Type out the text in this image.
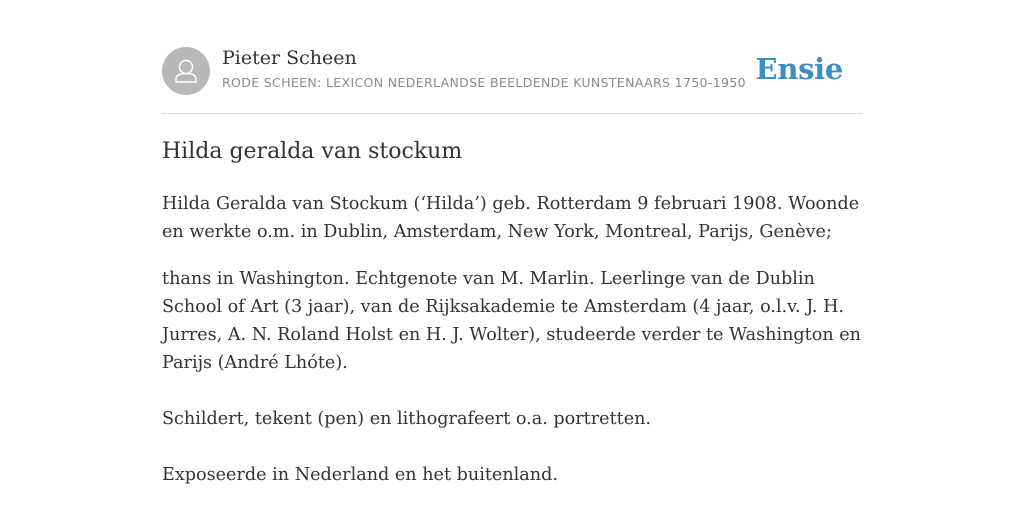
Pieter Scheen
RODE SCHEEN: LEXICON NEDERLANDSE BEELDENDE KUNSTENAARS 1750-1950 Ensie
Hilda geralda van stockum

Hilda Geralda van Stockum (‘Hilda’) geb. Rotterdam 9 februari 1908. Woonde en werkte o.m. in Dublin, Amsterdam, New York, Montreal, Parijs, Genève;

thans in Washington. Echtgenote van M. Marlin. Leerlinge van de Dublin School of Art (3 jaar), van de Rijksakademie te Amsterdam (4 jaar, o.l.v. J. H. Jurres, A. N. Roland Holst en H. J. Wolter), studeerde verder te Washington en Parijs (André Lhóte).

Schildert, tekent (pen) en lithografeert o.a. portretten.

Exposeerde in Nederland en het buitenland.
